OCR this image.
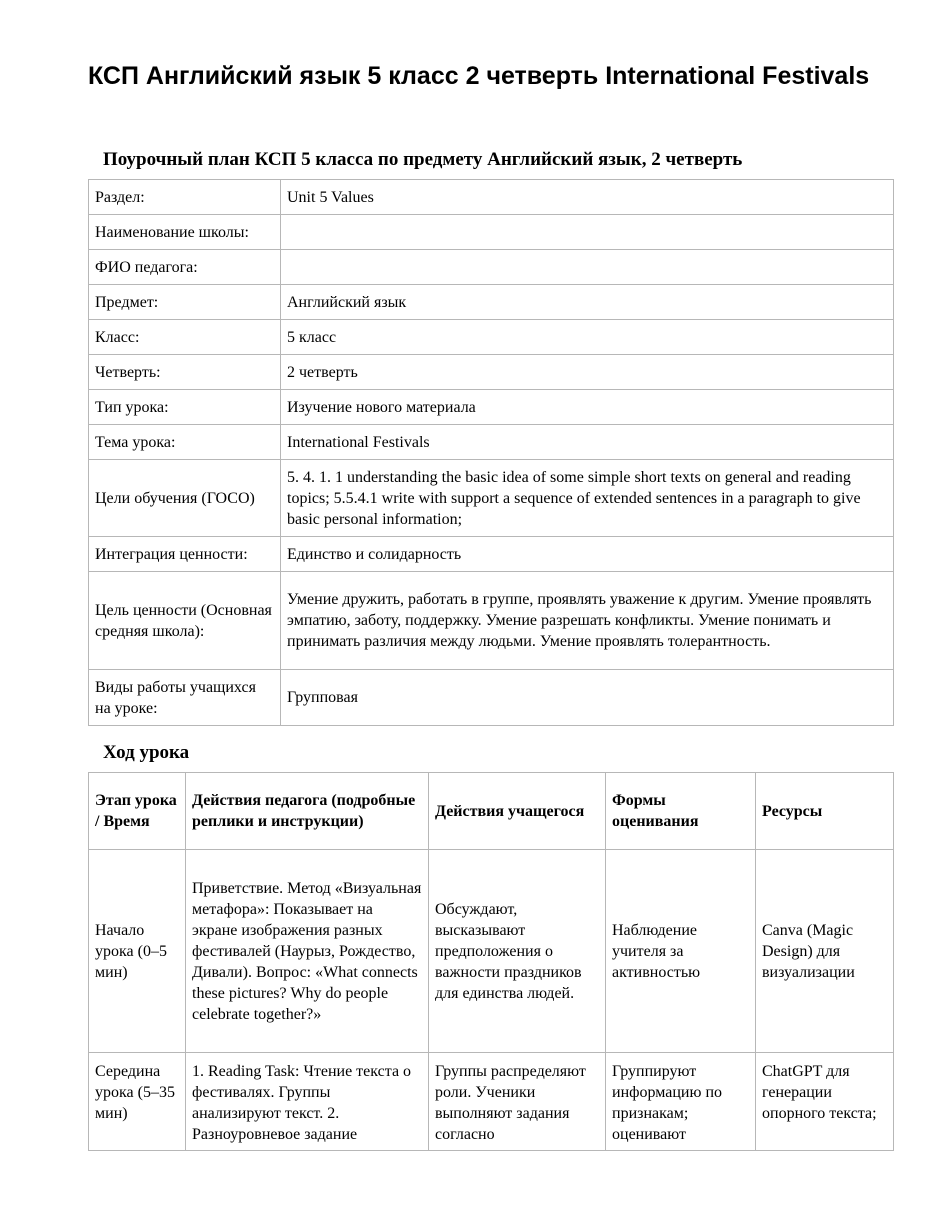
КСП Английский язык 5 класс 2 четверть International Festivals
Поурочный план КСП 5 класса по предмету Английский язык, 2 четверть
Раздел:	Unit 5 Values
Наименование школы:	
ФИО педагога:	
Предмет:	Английский язык
Класс:	5 класс
Четверть:	2 четверть
Тип урока:	Изучение нового материала
Тема урока:	International Festivals
Цели обучения (ГОСО)	5. 4. 1. 1 understanding the basic idea of some simple short texts on general and reading topics; 5.5.4.1 write with support a sequence of extended sentences in a paragraph to give basic personal information;
Интеграция ценности:	Единство и солидарность
Цель ценности (Основная средняя школа):	Умение дружить, работать в группе, проявлять уважение к другим. Умение проявлять эмпатию, заботу, поддержку. Умение разрешать конфликты. Умение понимать и принимать различия между людьми. Умение проявлять толерантность.
Виды работы учащихся на уроке:	Групповая
Ход урока
Этап урока / Время	Действия педагога (подробные реплики и инструкции)	Действия учащегося	Формы оценивания	Ресурсы
Начало урока (0–5 мин)	Приветствие. Метод «Визуальная метафора»: Показывает на экране изображения разных фестивалей (Наурыз, Рождество, Дивали). Вопрос: «What connects these pictures? Why do people celebrate together?»	Обсуждают, высказывают предположения о важности праздников для единства людей.	Наблюдение учителя за активностью	Canva (Magic Design) для визуализации
Середина урока (5–35 мин)	1. Reading Task: Чтение текста о фестивалях. Группы анализируют текст. 2. Разноуровневое задание	Группы распределяют роли. Ученики выполняют задания согласно	Группируют информацию по признакам; оценивают	ChatGPT для генерации опорного текста;
